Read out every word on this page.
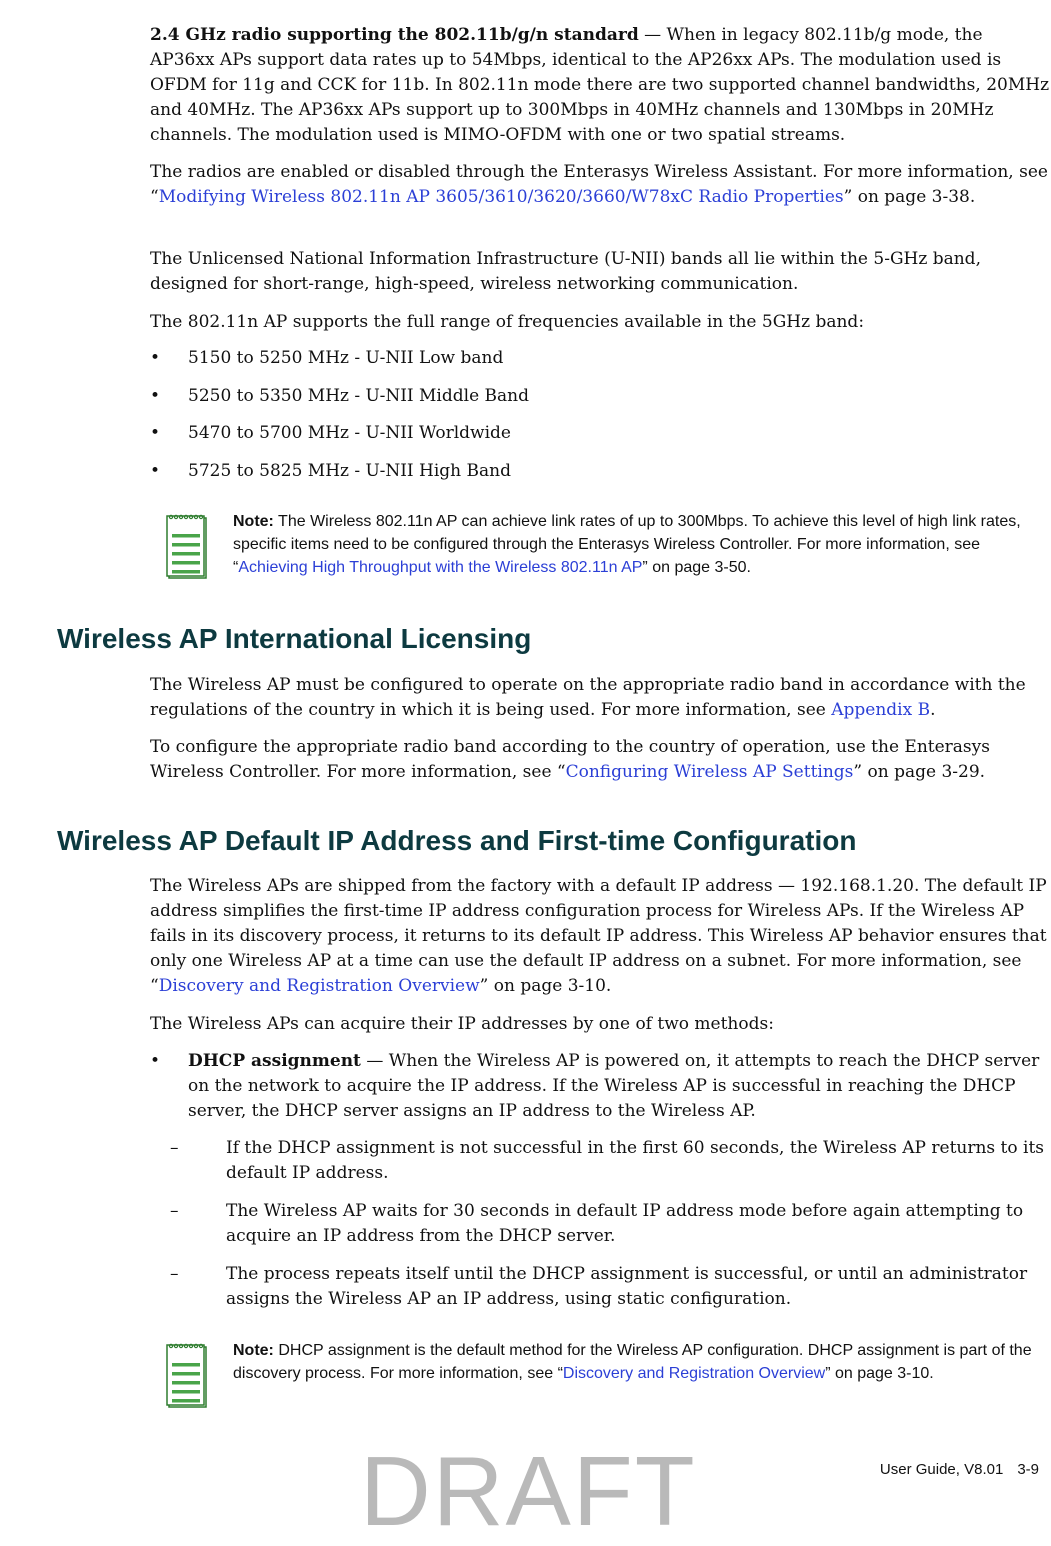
2.4 GHz radio supporting the 802.11b/g/n standard — When in legacy 802.11b/g mode, the AP36xx APs support data rates up to 54Mbps, identical to the AP26xx APs. The modulation used is OFDM for 11g and CCK for 11b. In 802.11n mode there are two supported channel bandwidths, 20MHz and 40MHz. The AP36xx APs support up to 300Mbps in 40MHz channels and 130Mbps in 20MHz channels. The modulation used is MIMO-OFDM with one or two spatial streams.

The radios are enabled or disabled through the Enterasys Wireless Assistant. For more information, see “Modifying Wireless 802.11n AP 3605/3610/3620/3660/W78xC Radio Properties” on page 3-38.

The Unlicensed National Information Infrastructure (U-NII) bands all lie within the 5-GHz band, designed for short-range, high-speed, wireless networking communication.

The 802.11n AP supports the full range of frequencies available in the 5GHz band:

• 5150 to 5250 MHz - U-NII Low band
• 5250 to 5350 MHz - U-NII Middle Band
• 5470 to 5700 MHz - U-NII Worldwide
• 5725 to 5825 MHz - U-NII High Band
Note: The Wireless 802.11n AP can achieve link rates of up to 300Mbps. To achieve this level of high link rates, specific items need to be configured through the Enterasys Wireless Controller. For more information, see “Achieving High Throughput with the Wireless 802.11n AP” on page 3-50.
Wireless AP International Licensing

The Wireless AP must be configured to operate on the appropriate radio band in accordance with the regulations of the country in which it is being used. For more information, see Appendix B.

To configure the appropriate radio band according to the country of operation, use the Enterasys Wireless Controller. For more information, see “Configuring Wireless AP Settings” on page 3-29.

Wireless AP Default IP Address and First-time Configuration

The Wireless APs are shipped from the factory with a default IP address — 192.168.1.20. The default IP address simplifies the first-time IP address configuration process for Wireless APs. If the Wireless AP fails in its discovery process, it returns to its default IP address. This Wireless AP behavior ensures that only one Wireless AP at a time can use the default IP address on a subnet. For more information, see “Discovery and Registration Overview” on page 3-10.

The Wireless APs can acquire their IP addresses by one of two methods:

• DHCP assignment — When the Wireless AP is powered on, it attempts to reach the DHCP server on the network to acquire the IP address. If the Wireless AP is successful in reaching the DHCP server, the DHCP server assigns an IP address to the Wireless AP.
–	If the DHCP assignment is not successful in the first 60 seconds, the Wireless AP returns to its default IP address.
–	The Wireless AP waits for 30 seconds in default IP address mode before again attempting to acquire an IP address from the DHCP server.
–	The process repeats itself until the DHCP assignment is successful, or until an administrator assigns the Wireless AP an IP address, using static configuration.
Note: DHCP assignment is the default method for the Wireless AP configuration. DHCP assignment is part of the discovery process. For more information, see “Discovery and Registration Overview” on page 3-10.
User Guide, V8.01 3-9
DRAFT
